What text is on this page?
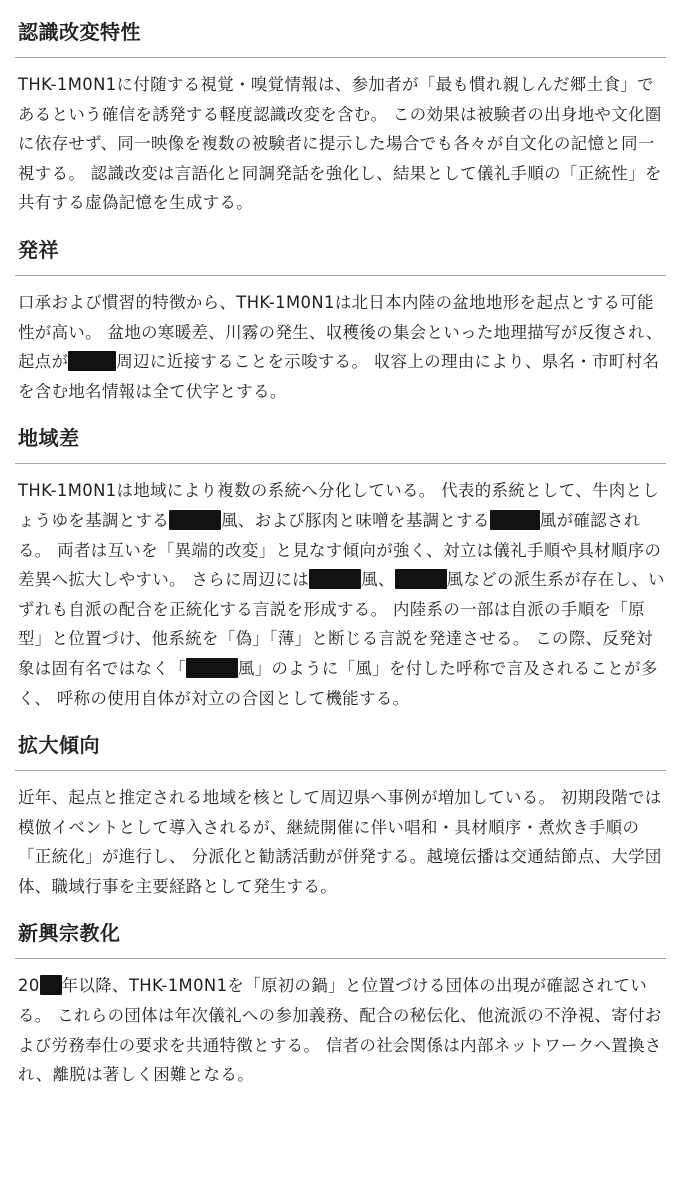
認識改変特性

THK-1M0N1に付随する視覚・嗅覚情報は、参加者が「最も慣れ親しんだ郷土食」であるという確信を誘発する軽度認識改変を含む。 この効果は被験者の出身地や文化圏に依存せず、同一映像を複数の被験者に提示した場合でも各々が自文化の記憶と同一視する。 認識改変は言語化と同調発話を強化し、結果として儀礼手順の「正統性」を共有する虚偽記憶を生成する。

発祥

口承および慣習的特徴から、THK-1M0N1は北日本内陸の盆地地形を起点とする可能性が高い。 盆地の寒暖差、川霧の発生、収穫後の集会といった地理描写が反復され、起点が	周辺に近接することを示唆する。 収容上の理由により、県名・市町村名を含む地名情報は全て伏字とする。

地域差

THK-1M0N1は地域により複数の系統へ分化している。 代表的系統として、牛肉としょうゆを基調とする	風、および豚肉と味噌を基調とする	風が確認される。 両者は互いを「異端的改変」と見なす傾向が強く、対立は儀礼手順や具材順序の差異へ拡大しやすい。 さらに周辺には	風、	風などの派生系が存在し、いずれも自派の配合を正統化する言説を形成する。 内陸系の一部は自派の手順を「原型」と位置づけ、他系統を「偽」「薄」と断じる言説を発達させる。 この際、反発対象は固有名ではなく「	風」のように「風」を付した呼称で言及されることが多く、 呼称の使用自体が対立の合図として機能する。

拡大傾向

近年、起点と推定される地域を核として周辺県へ事例が増加している。 初期段階では模倣イベントとして導入されるが、継続開催に伴い唱和・具材順序・煮炊き手順の「正統化」が進行し、 分派化と勧誘活動が併発する。越境伝播は交通結節点、大学団体、職域行事を主要経路として発生する。

新興宗教化

20 年以降、THK-1M0N1を「原初の鍋」と位置づける団体の出現が確認されている。 これらの団体は年次儀礼への参加義務、配合の秘伝化、他流派の不浄視、寄付および労務奉仕の要求を共通特徴とする。 信者の社会関係は内部ネットワークへ置換され、離脱は著しく困難となる。
